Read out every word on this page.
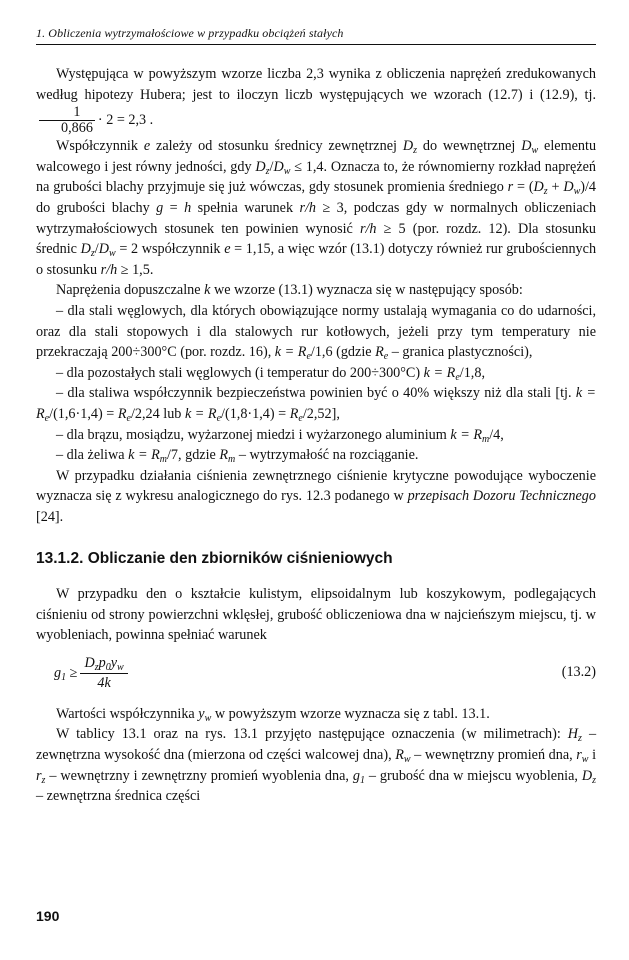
1. Obliczenia wytrzymałościowe w przypadku obciążeń stałych

Występująca w powyższym wzorze liczba 2,3 wynika z obliczenia naprężeń zredukowanych według hipotezy Hubera; jest to iloczyn liczb występujących we wzorach (12.7) i (12.9), tj.
$\frac{1}{0,866} \cdot 2 = 2,3$ .

Współczynnik e zależy od stosunku średnicy zewnętrznej $D_z$ do wewnętrznej $D_w$ elementu walcowego i jest równy jedności, gdy $D_z/D_w \le 1,4$. Oznacza to, że równomierny rozkład naprężeń na grubości blachy przyjmuje się już wówczas, gdy stosunek promienia średniego $r = (D_z + D_w)/4$ do grubości blachy g = h spełnia warunek r/h ≥ 3, podczas gdy w normalnych obliczeniach wytrzymałościowych stosunek ten powinien wynosić r/h ≥ 5 (por. rozdz. 12). Dla stosunku średnic $D_z/D_w = 2$ współczynnik e = 1,15, a więc wzór (13.1) dotyczy również rur grubościennych o stosunku r/h ≥ 1,5.

Naprężenia dopuszczalne k we wzorze (13.1) wyznacza się w następujący sposób:

– dla stali węglowych, dla których obowiązujące normy ustalają wymagania co do udarności, oraz dla stali stopowych i dla stalowych rur kotłowych, jeżeli przy tym temperatury nie przekraczają 200÷300°C (por. rozdz. 16), $k = R_e/1,6$ (gdzie $R_e$ – granica plastyczności),

– dla pozostałych stali węglowych (i temperatur do 200÷300°C) $k = R_e/1,8$,

– dla staliwa współczynnik bezpieczeństwa powinien być o 40% większy niż dla stali [tj. $k = R_e/(1,6\cdot 1,4) = R_e/2,24$ lub $k = R_e/(1,8\cdot 1,4) = R_e/2,52$],

– dla brązu, mosiądzu, wyżarzonej miedzi i wyżarzonego aluminium $k = R_m/4$,

– dla żeliwa $k = R_m/7$, gdzie $R_m$ – wytrzymałość na rozciąganie.

W przypadku działania ciśnienia zewnętrznego ciśnienie krytyczne powodujące wyboczenie wyznacza się z wykresu analogicznego do rys. 12.3 podanego w przepisach Dozoru Technicznego [24].

13.1.2. Obliczanie den zbiorników ciśnieniowych

W przypadku den o kształcie kulistym, elipsoidalnym lub koszykowym, podlegających ciśnieniu od strony powierzchni wklęsłej, grubość obliczeniowa dna w najcieńszym miejscu, tj. w wyobleniach, powinna spełniać warunek

$g_1 \ge \frac{D_zp_0y_w}{4k}$	(13.2)

Wartości współczynnika $y_w$ w powyższym wzorze wyznacza się z tabl. 13.1.

W tablicy 13.1 oraz na rys. 13.1 przyjęto następujące oznaczenia (w milimetrach): $H_z$ – zewnętrzna wysokość dna (mierzona od części walcowej dna), $R_w$ – wewnętrzny promień dna, $r_w$ i $r_z$ – wewnętrzny i zewnętrzny promień wyoblenia dna, $g_1$ – grubość dna w miejscu wyoblenia, $D_z$ – zewnętrzna średnica części

190
